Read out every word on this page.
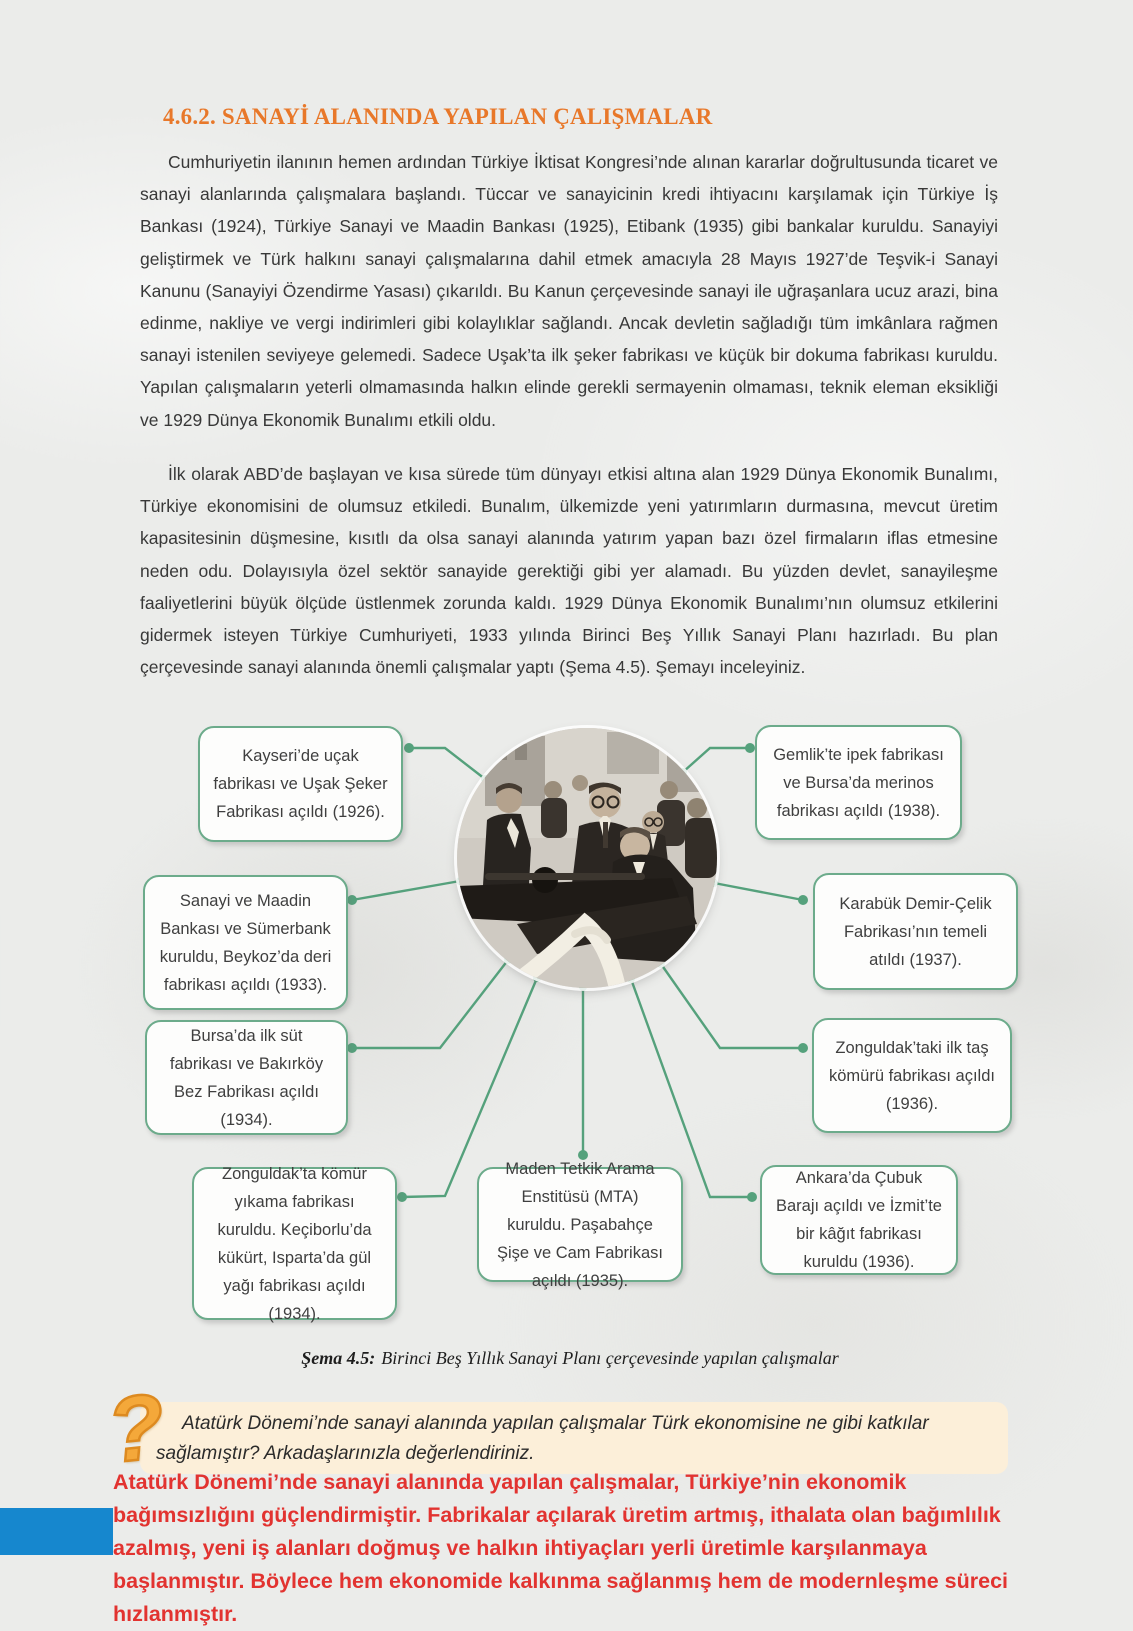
4.6.2. SANAYİ ALANINDA YAPILAN ÇALIŞMALAR

Cumhuriyetin ilanının hemen ardından Türkiye İktisat Kongresi’nde alınan kararlar doğrultusunda ticaret ve sanayi alanlarında çalışmalara başlandı. Tüccar ve sanayicinin kredi ihtiyacını karşılamak için Türkiye İş Bankası (1924), Türkiye Sanayi ve Maadin Bankası (1925), Etibank (1935) gibi bankalar kuruldu. Sanayiyi geliştirmek ve Türk halkını sanayi çalışmalarına dahil etmek amacıyla 28 Mayıs 1927’de Teşvik-i Sanayi Kanunu (Sanayiyi Özendirme Yasası) çıkarıldı. Bu Kanun çerçevesinde sanayi ile uğraşanlara ucuz arazi, bina edinme, nakliye ve vergi indirimleri gibi kolaylıklar sağlandı. Ancak devletin sağladığı tüm imkânlara rağmen sanayi istenilen seviyeye gelemedi. Sadece Uşak’ta ilk şeker fabrikası ve küçük bir dokuma fabrikası kuruldu. Yapılan çalışmaların yeterli olmamasında halkın elinde gerekli sermayenin olmaması, teknik eleman eksikliği ve 1929 Dünya Ekonomik Bunalımı etkili oldu.

İlk olarak ABD’de başlayan ve kısa sürede tüm dünyayı etkisi altına alan 1929 Dünya Ekonomik Bunalımı, Türkiye ekonomisini de olumsuz etkiledi. Bunalım, ülkemizde yeni yatırımların durmasına, mevcut üretim kapasitesinin düşmesine, kısıtlı da olsa sanayi alanında yatırım yapan bazı özel firmaların iflas etmesine neden odu. Dolayısıyla özel sektör sanayide gerektiği gibi yer alamadı. Bu yüzden devlet, sanayileşme faaliyetlerini büyük ölçüde üstlenmek zorunda kaldı. 1929 Dünya Ekonomik Bunalımı’nın olumsuz etkilerini gidermek isteyen Türkiye Cumhuriyeti, 1933 yılında Birinci Beş Yıllık Sanayi Planı hazırladı. Bu plan çerçevesinde sanayi alanında önemli çalışmalar yaptı (Şema 4.5). Şemayı inceleyiniz.

Kayseri’de uçak fabrikası ve Uşak Şeker Fabrikası açıldı (1926).
Sanayi ve Maadin Bankası ve Sümerbank kuruldu, Beykoz’da deri fabrikası açıldı (1933).
Bursa’da ilk süt fabrikası ve Bakırköy Bez Fabrikası açıldı (1934).
Zonguldak’ta kömür yıkama fabrikası kuruldu. Keçiborlu’da kükürt, Isparta’da gül yağı fabrikası açıldı (1934).
Maden Tetkik Arama Enstitüsü (MTA) kuruldu. Paşabahçe Şişe ve Cam Fabrikası açıldı (1935).
Ankara’da Çubuk Barajı açıldı ve İzmit’te bir kâğıt fabrikası kuruldu (1936).
Zonguldak’taki ilk taş kömürü fabrikası açıldı (1936).
Karabük Demir-Çelik Fabrikası’nın temeli atıldı (1937).
Gemlik’te ipek fabrikası ve Bursa’da merinos fabrikası açıldı (1938).

Şema 4.5: Birinci Beş Yıllık Sanayi Planı çerçevesinde yapılan çalışmalar

Atatürk Dönemi’nde sanayi alanında yapılan çalışmalar Türk ekonomisine ne gibi katkılar sağlamıştır? Arkadaşlarınızla değerlendiriniz.

?

Atatürk Dönemi’nde sanayi alanında yapılan çalışmalar, Türkiye’nin ekonomik bağımsızlığını güçlendirmiştir. Fabrikalar açılarak üretim artmış, ithalata olan bağımlılık azalmış, yeni iş alanları doğmuş ve halkın ihtiyaçları yerli üretimle karşılanmaya başlanmıştır. Böylece hem ekonomide kalkınma sağlanmış hem de modernleşme süreci hızlanmıştır.
